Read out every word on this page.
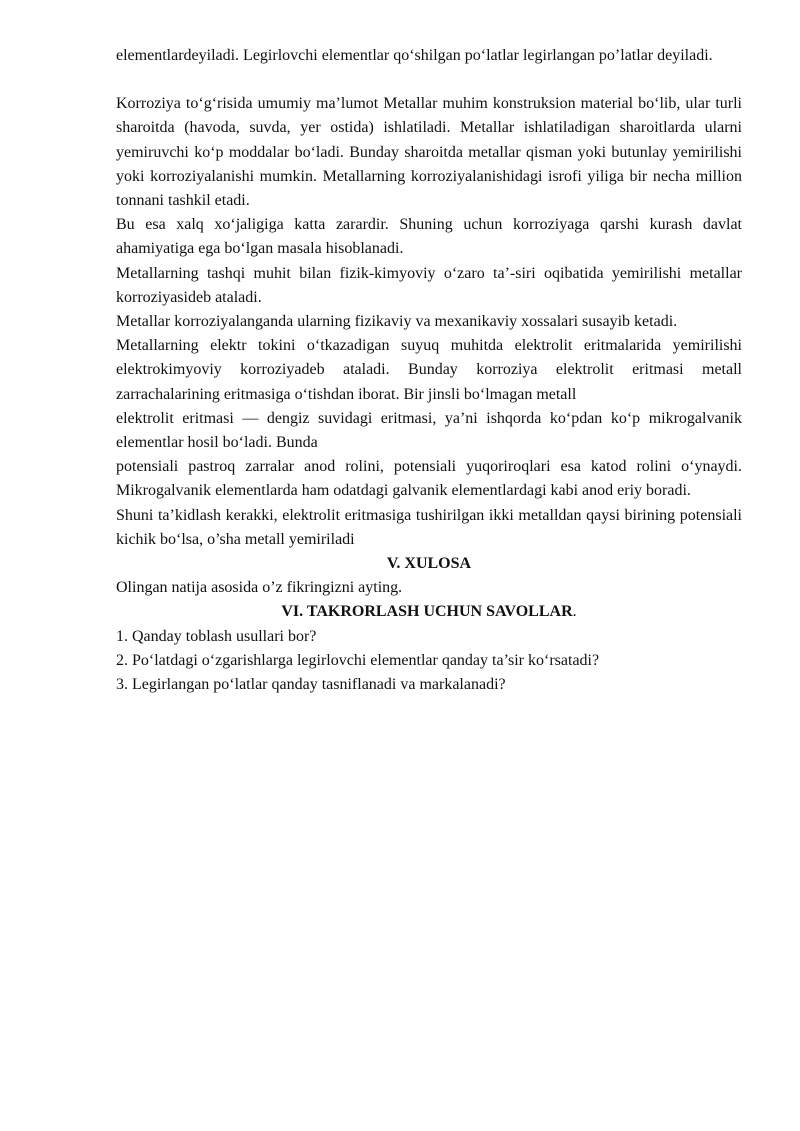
elementlardeyiladi. Legirlovchi elementlar qo‘shilgan po‘latlar legirlangan po’latlar deyiladi.

Korroziya to‘g‘risida umumiy ma’lumot Metallar muhim konstruksion material bo‘lib, ular turli sharoitda (havoda, suvda, yer ostida) ishlatiladi. Metallar ishlatiladigan sharoitlarda ularni yemiruvchi ko‘p moddalar bo‘ladi. Bunday sharoitda metallar qisman yoki butunlay yemirilishi yoki korroziyalanishi mumkin. Metallarning korroziyalanishidagi isrofi yiliga bir necha million tonnani tashkil etadi.

Bu esa xalq xo‘jaligiga katta zarardir. Shuning uchun korroziyaga qarshi kurash davlat ahamiyatiga ega bo‘lgan masala hisoblanadi.

Metallarning tashqi muhit bilan fizik-kimyoviy o‘zaro ta’-siri oqibatida yemirilishi metallar korroziyasideb ataladi.

Metallar korroziyalanganda ularning fizikaviy va mexanikaviy xossalari susayib ketadi.

Metallarning elektr tokini o‘tkazadigan suyuq muhitda elektrolit eritmalarida yemirilishi elektrokimyoviy korroziyadeb ataladi. Bunday korroziya elektrolit eritmasi metall zarrachalarining eritmasiga o‘tishdan iborat. Bir jinsli bo‘lmagan metall

elektrolit eritmasi — dengiz suvidagi eritmasi, ya’ni ishqorda ko‘pdan ko‘p mikrogalvanik elementlar hosil bo‘ladi. Bunda

potensiali pastroq zarralar anod rolini, potensiali yuqoriroqlari esa katod rolini o‘ynaydi. Mikrogalvanik elementlarda ham odatdagi galvanik elementlardagi kabi anod eriy boradi.

Shuni ta’kidlash kerakki, elektrolit eritmasiga tushirilgan ikki metalldan qaysi birining potensiali kichik bo‘lsa, o’sha metall yemiriladi

V. XULOSA

Olingan natija asosida o’z fikringizni ayting.

VI. TAKRORLASH UCHUN SAVOLLAR.

1. Qanday toblash usullari bor?

2. Po‘latdagi o‘zgarishlarga legirlovchi elementlar qanday ta’sir ko‘rsatadi?

3. Legirlangan po‘latlar qanday tasniflanadi va markalanadi?
